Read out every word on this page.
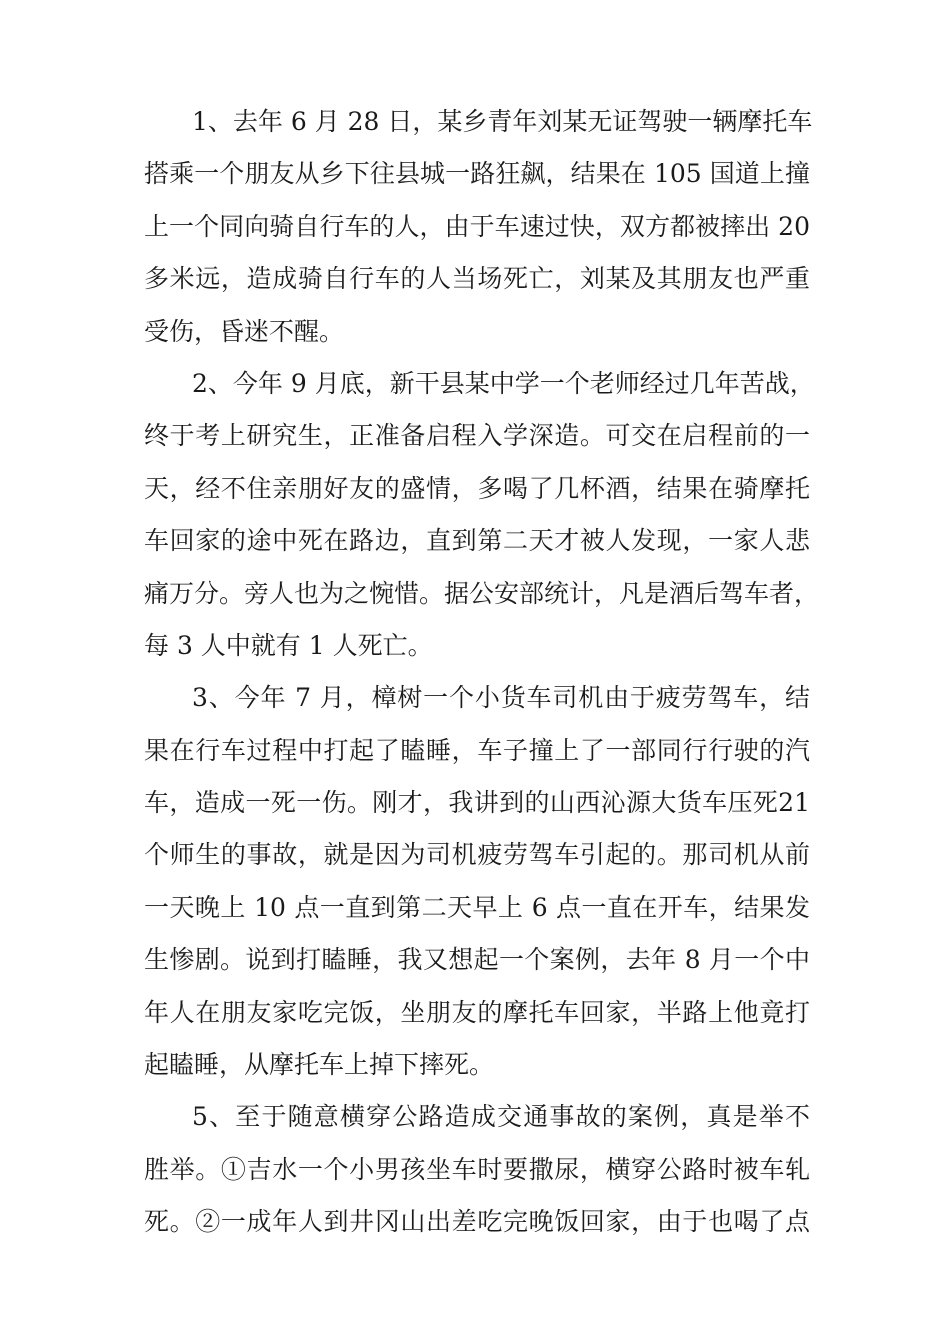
1、去年 6 月 28 日，某乡青年刘某无证驾驶一辆摩托车
搭乘一个朋友从乡下往县城一路狂飙，结果在 105 国道上撞
上一个同向骑自行车的人，由于车速过快，双方都被摔出 20
多米远，造成骑自行车的人当场死亡，刘某及其朋友也严重
受伤，昏迷不醒。
2、今年 9 月底，新干县某中学一个老师经过几年苦战，
终于考上研究生，正准备启程入学深造。可交在启程前的一
天，经不住亲朋好友的盛情，多喝了几杯酒，结果在骑摩托
车回家的途中死在路边，直到第二天才被人发现，一家人悲
痛万分。旁人也为之惋惜。据公安部统计，凡是酒后驾车者，
每 3 人中就有 1 人死亡。
3、今年 7 月，樟树一个小货车司机由于疲劳驾车，结
果在行车过程中打起了瞌睡，车子撞上了一部同行行驶的汽
车，造成一死一伤。刚才，我讲到的山西沁源大货车压死21
个师生的事故，就是因为司机疲劳驾车引起的。那司机从前
一天晚上 10 点一直到第二天早上 6 点一直在开车，结果发
生惨剧。说到打瞌睡，我又想起一个案例，去年 8 月一个中
年人在朋友家吃完饭，坐朋友的摩托车回家，半路上他竟打
起瞌睡，从摩托车上掉下摔死。
5、至于随意横穿公路造成交通事故的案例，真是举不
胜举。①吉水一个小男孩坐车时要撒尿，横穿公路时被车轧
死。②一成年人到井冈山出差吃完晚饭回家，由于也喝了点
